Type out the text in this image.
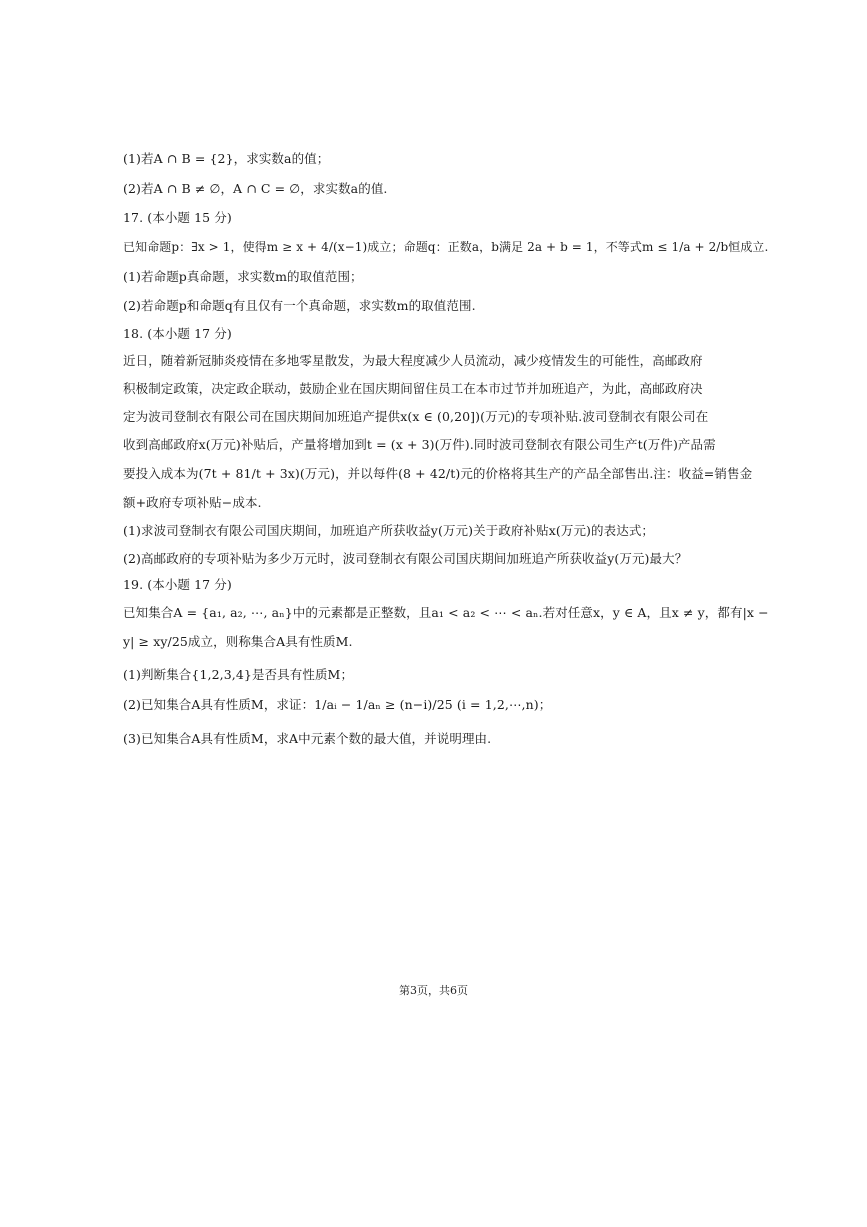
(1)若A ∩ B = {2}，求实数a的值；
(2)若A ∩ B ≠ ∅，A ∩ C = ∅，求实数a的值.
17. (本小题 15 分)
已知命题p：∃x > 1，使得m ≥ x + 4/(x−1)成立；命题q：正数a，b满足 2a + b = 1，不等式m ≤ 1/a + 2/b恒成立.
(1)若命题p真命题，求实数m的取值范围；
(2)若命题p和命题q有且仅有一个真命题，求实数m的取值范围.
18. (本小题 17 分)
近日，随着新冠肺炎疫情在多地零星散发，为最大程度减少人员流动，减少疫情发生的可能性，高邮政府
积极制定政策，决定政企联动，鼓励企业在国庆期间留住员工在本市过节并加班追产，为此，高邮政府决
定为波司登制衣有限公司在国庆期间加班追产提供x(x ∈ (0,20])(万元)的专项补贴.波司登制衣有限公司在
收到高邮政府x(万元)补贴后，产量将增加到t = (x + 3)(万件).同时波司登制衣有限公司生产t(万件)产品需
要投入成本为(7t + 81/t + 3x)(万元)，并以每件(8 + 42/t)元的价格将其生产的产品全部售出.注：收益=销售金
额+政府专项补贴−成本.
(1)求波司登制衣有限公司国庆期间，加班追产所获收益y(万元)关于政府补贴x(万元)的表达式；
(2)高邮政府的专项补贴为多少万元时，波司登制衣有限公司国庆期间加班追产所获收益y(万元)最大？
19. (本小题 17 分)
已知集合A = {a₁, a₂, ⋯, aₙ}中的元素都是正整数，且a₁ < a₂ < ⋯ < aₙ.若对任意x，y ∈ A，且x ≠ y，都有|x −
y| ≥ xy/25成立，则称集合A具有性质M.
(1)判断集合{1,2,3,4}是否具有性质M；
(2)已知集合A具有性质M，求证：1/aᵢ − 1/aₙ ≥ (n−i)/25 (i = 1,2,⋯,n)；
(3)已知集合A具有性质M，求A中元素个数的最大值，并说明理由.
第3页，共6页
